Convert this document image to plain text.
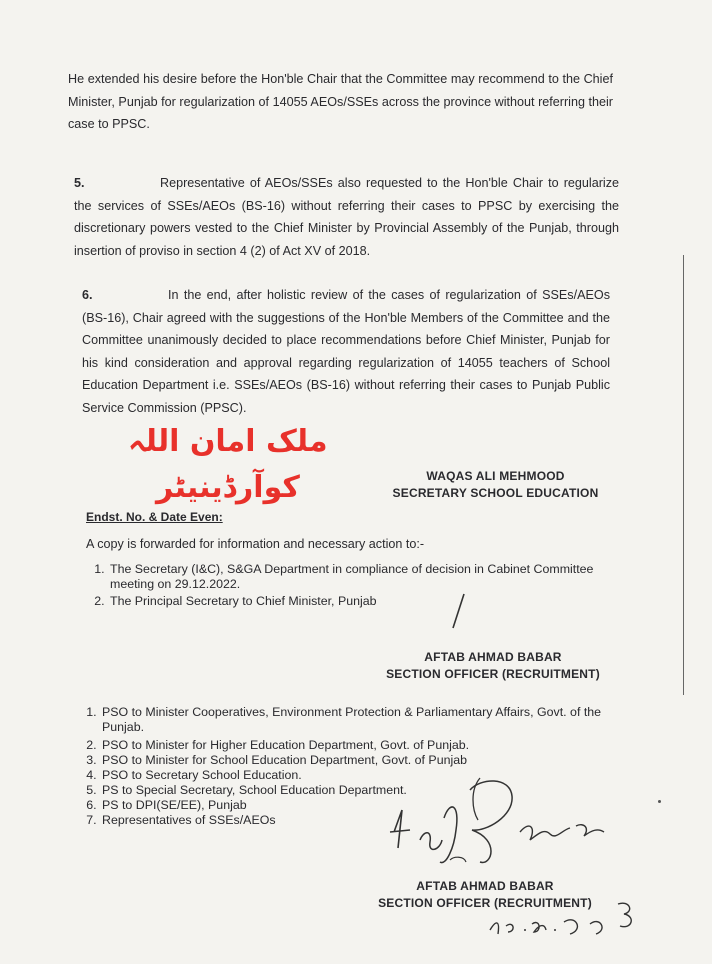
He extended his desire before the Hon'ble Chair that the Committee may recommend to the Chief Minister, Punjab for regularization of 14055 AEOs/SSEs across the province without referring their case to PPSC.
5.	Representative of AEOs/SSEs also requested to the Hon'ble Chair to regularize the services of SSEs/AEOs (BS-16) without referring their cases to PPSC by exercising the discretionary powers vested to the Chief Minister by Provincial Assembly of the Punjab, through insertion of proviso in section 4 (2) of Act XV of 2018.
6.	In the end, after holistic review of the cases of regularization of SSEs/AEOs (BS-16), Chair agreed with the suggestions of the Hon'ble Members of the Committee and the Committee unanimously decided to place recommendations before Chief Minister, Punjab for his kind consideration and approval regarding regularization of 14055 teachers of School Education Department i.e. SSEs/AEOs (BS-16) without referring their cases to Punjab Public Service Commission (PPSC).
ملک امان اللہ
کوآرڈینیٹر	WAQAS ALI MEHMOOD
SECRETARY SCHOOL EDUCATION
Endst. No. & Date Even:
A copy is forwarded for information and necessary action to:-
1. The Secretary (I&C), S&GA Department in compliance of decision in Cabinet Committee meeting on 29.12.2022.
2. The Principal Secretary to Chief Minister, Punjab
AFTAB AHMAD BABAR
SECTION OFFICER (RECRUITMENT)
1. PSO to Minister Cooperatives, Environment Protection & Parliamentary Affairs, Govt. of the Punjab.
2. PSO to Minister for Higher Education Department, Govt. of Punjab.
3. PSO to Minister for School Education Department, Govt. of Punjab
4. PSO to Secretary School Education.
5. PS to Special Secretary, School Education Department.
6. PS to DPI(SE/EE), Punjab
7. Representatives of SSEs/AEOs
AFTAB AHMAD BABAR
SECTION OFFICER (RECRUITMENT)
